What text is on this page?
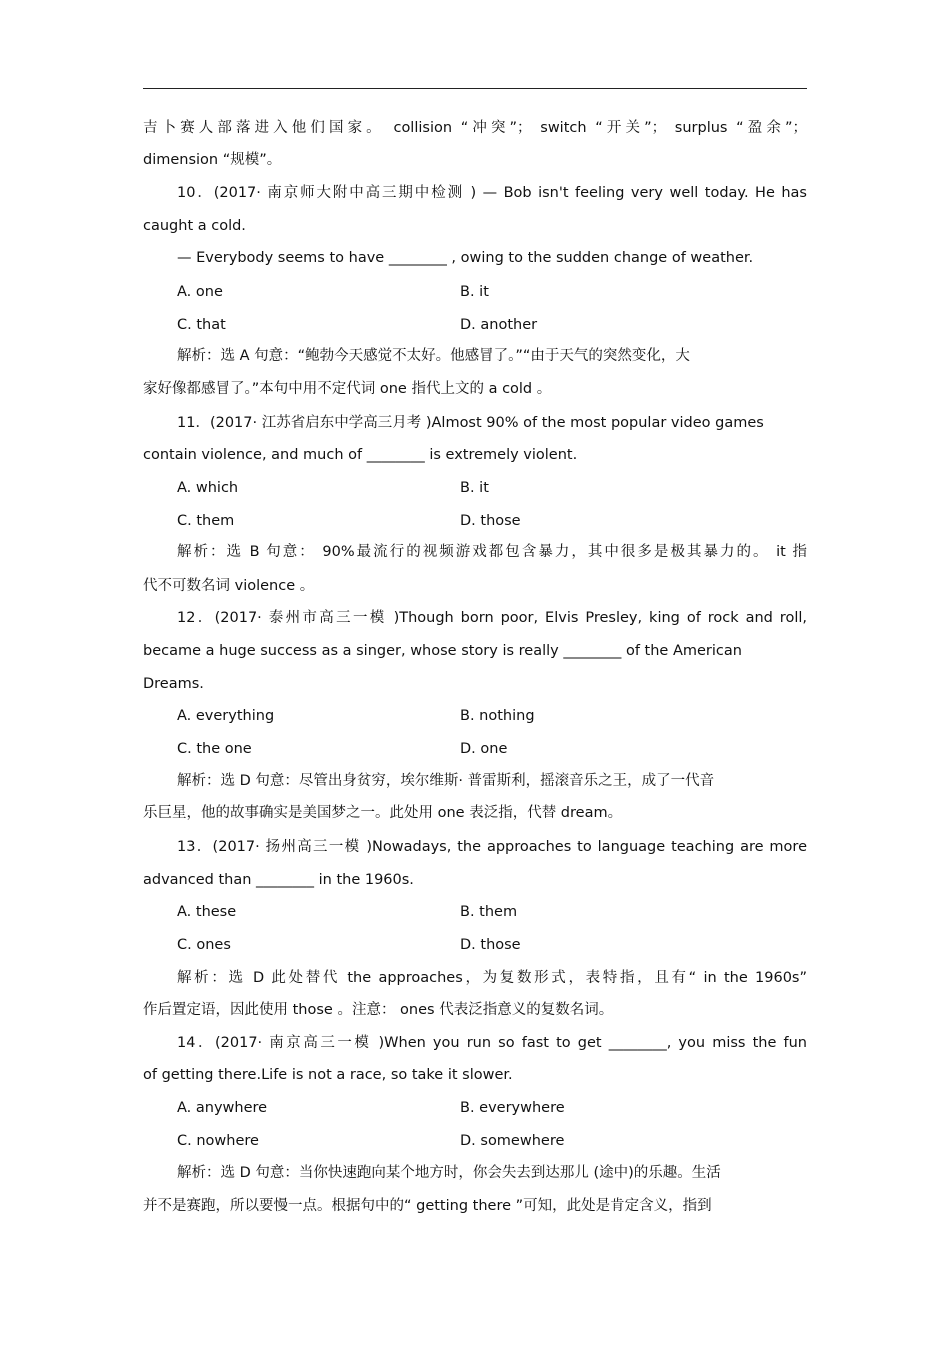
吉卜赛人部落进入他们国家。 collision “冲突”； switch “开关”； surplus “盈余”；
dimension “规模”。
10．(2017· 南京师大附中高三期中检测 ) — Bob isn't feeling very well today. He has
caught a cold.
— Everybody seems to have ________ , owing to the sudden change of weather.
A. one	B. it
C. that	D. another
解析：选 A 句意：“鲍勃今天感觉不太好。他感冒了。”“由于天气的突然变化，大
家好像都感冒了。”本句中用不定代词 one 指代上文的 a cold 。
11．(2017· 江苏省启东中学高三月考 )Almost 90% of the most popular video games
contain violence, and much of ________ is extremely violent.
A. which	B. it
C. them	D. those
解析：选 B 句意： 90%最流行的视频游戏都包含暴力，其中很多是极其暴力的。 it 指
代不可数名词 violence 。
12．(2017· 泰州市高三一模 )Though born poor, Elvis Presley, king of rock and roll,
became a huge success as a singer, whose story is really ________ of the American
Dreams.
A. everything	B. nothing
C. the one	D. one
解析：选 D 句意：尽管出身贫穷，埃尔维斯· 普雷斯利，摇滚音乐之王，成了一代音
乐巨星，他的故事确实是美国梦之一。此处用 one 表泛指，代替 dream。
13．(2017· 扬州高三一模 )Nowadays, the approaches to language teaching are more
advanced than ________ in the 1960s.
A. these	B. them
C. ones	D. those
解析：选 D 此处替代 the approaches，为复数形式，表特指，且有“ in the 1960s”
作后置定语，因此使用 those 。注意： ones 代表泛指意义的复数名词。
14．(2017· 南京高三一模 )When you run so fast to get ________, you miss the fun
of getting there.Life is not a race, so take it slower.
A. anywhere	B. everywhere
C. nowhere	D. somewhere
解析：选 D 句意：当你快速跑向某个地方时，你会失去到达那儿 (途中)的乐趣。生活
并不是赛跑，所以要慢一点。根据句中的“ getting there ”可知，此处是肯定含义，指到
